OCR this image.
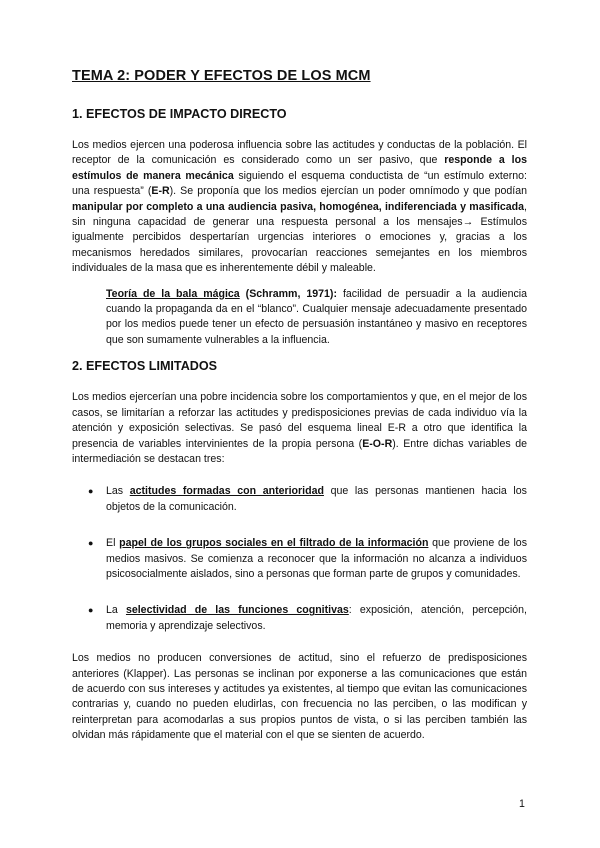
TEMA 2: PODER Y EFECTOS DE LOS MCM
1. EFECTOS DE IMPACTO DIRECTO

Los medios ejercen una poderosa influencia sobre las actitudes y conductas de la población. El receptor de la comunicación es considerado como un ser pasivo, que responde a los estímulos de manera mecánica siguiendo el esquema conductista de “un estímulo externo: una respuesta” (E-R). Se proponía que los medios ejercían un poder omnímodo y que podían manipular por completo a una audiencia pasiva, homogénea, indiferenciada y masificada, sin ninguna capacidad de generar una respuesta personal a los mensajes→ Estímulos igualmente percibidos despertarían urgencias interiores o emociones y, gracias a los mecanismos heredados similares, provocarían reacciones semejantes en los miembros individuales de la masa que es inherentemente débil y maleable.

Teoría de la bala mágica (Schramm, 1971): facilidad de persuadir a la audiencia cuando la propaganda da en el “blanco”. Cualquier mensaje adecuadamente presentado por los medios puede tener un efecto de persuasión instantáneo y masivo en receptores que son sumamente vulnerables a la influencia.

2. EFECTOS LIMITADOS

Los medios ejercerían una pobre incidencia sobre los comportamientos y que, en el mejor de los casos, se limitarían a reforzar las actitudes y predisposiciones previas de cada individuo vía la atención y exposición selectivas. Se pasó del esquema lineal E-R a otro que identifica la presencia de variables intervinientes de la propia persona (E-O-R). Entre dichas variables de intermediación se destacan tres:

● Las actitudes formadas con anterioridad que las personas mantienen hacia los objetos de la comunicación.
● El papel de los grupos sociales en el filtrado de la información que proviene de los medios masivos. Se comienza a reconocer que la información no alcanza a individuos psicosocialmente aislados, sino a personas que forman parte de grupos y comunidades.
● La selectividad de las funciones cognitivas: exposición, atención, percepción, memoria y aprendizaje selectivos.

Los medios no producen conversiones de actitud, sino el refuerzo de predisposiciones anteriores (Klapper). Las personas se inclinan por exponerse a las comunicaciones que están de acuerdo con sus intereses y actitudes ya existentes, al tiempo que evitan las comunicaciones contrarias y, cuando no pueden eludirlas, con frecuencia no las perciben, o las modifican y reinterpretan para acomodarlas a sus propios puntos de vista, o si las perciben también las olvidan más rápidamente que el material con el que se sienten de acuerdo.

1
